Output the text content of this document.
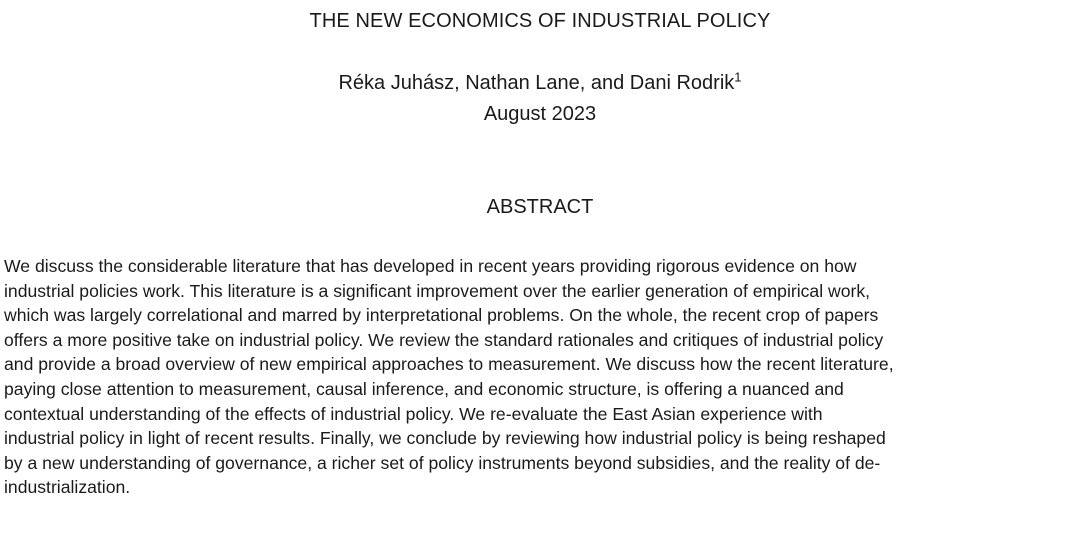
THE NEW ECONOMICS OF INDUSTRIAL POLICY
Réka Juhász, Nathan Lane, and Dani Rodrik$^1$
August 2023
ABSTRACT
We discuss the considerable literature that has developed in recent years providing rigorous evidence on how
industrial policies work. This literature is a significant improvement over the earlier generation of empirical work,
which was largely correlational and marred by interpretational problems. On the whole, the recent crop of papers
offers a more positive take on industrial policy. We review the standard rationales and critiques of industrial policy
and provide a broad overview of new empirical approaches to measurement. We discuss how the recent literature,
paying close attention to measurement, causal inference, and economic structure, is offering a nuanced and
contextual understanding of the effects of industrial policy. We re-evaluate the East Asian experience with
industrial policy in light of recent results. Finally, we conclude by reviewing how industrial policy is being reshaped
by a new understanding of governance, a richer set of policy instruments beyond subsidies, and the reality of de-
industrialization.
